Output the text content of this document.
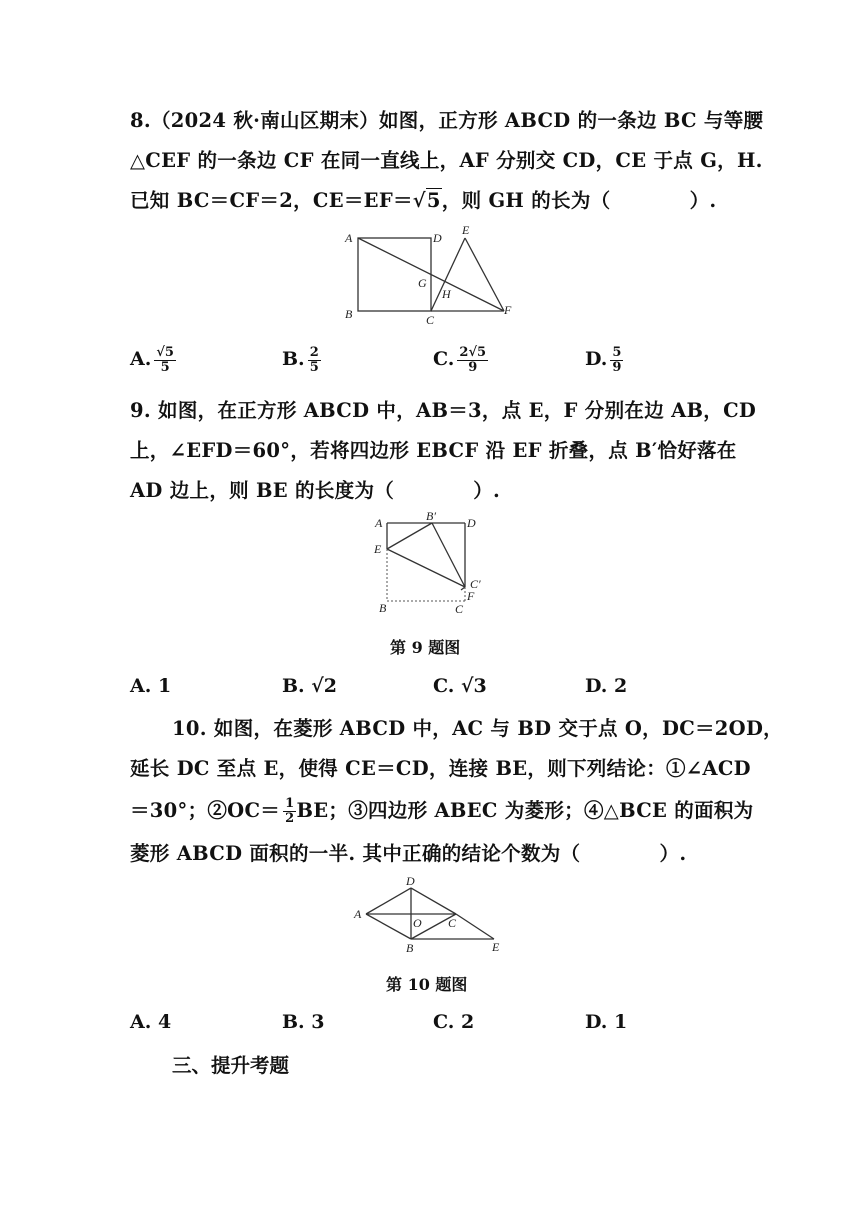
8.（2024 秋·南山区期末）如图，正方形 ABCD 的一条边 BC 与等腰
△CEF 的一条边 CF 在同一直线上，AF 分别交 CD，CE 于点 G，H.
已知 BC＝CF＝2，CE＝EF＝√5，则 GH 的长为（　　　　）.
A	D
E
B	C
F
G
H
A. $\frac{√5}{5}$	B. $\frac{2}{5}$	C. $\frac{2√5}{9}$	D. $\frac{5}{9}$
9. 如图，在正方形 ABCD 中，AB＝3，点 E，F 分别在边 AB，CD
上，∠EFD＝60°，若将四边形 EBCF 沿 EF 折叠，点 B′恰好落在
AD 边上，则 BE 的长度为（　　　　）.
A	B′	D
E
C′
F
B	C
第 9 题图
A. 1	B. √2	C. √3	D. 2
10. 如图，在菱形 ABCD 中，AC 与 BD 交于点 O，DC＝2OD，
延长 DC 至点 E，使得 CE＝CD，连接 BE，则下列结论：①∠ACD
＝30°；②OC＝ $\frac{1}{2}$ BE；③四边形 ABEC 为菱形；④△BCE 的面积为
菱形 ABCD 面积的一半. 其中正确的结论个数为（　　　　）.
A
D
O C
B	E
第 10 题图
A. 4	B. 3	C. 2	D. 1
三、提升考题
